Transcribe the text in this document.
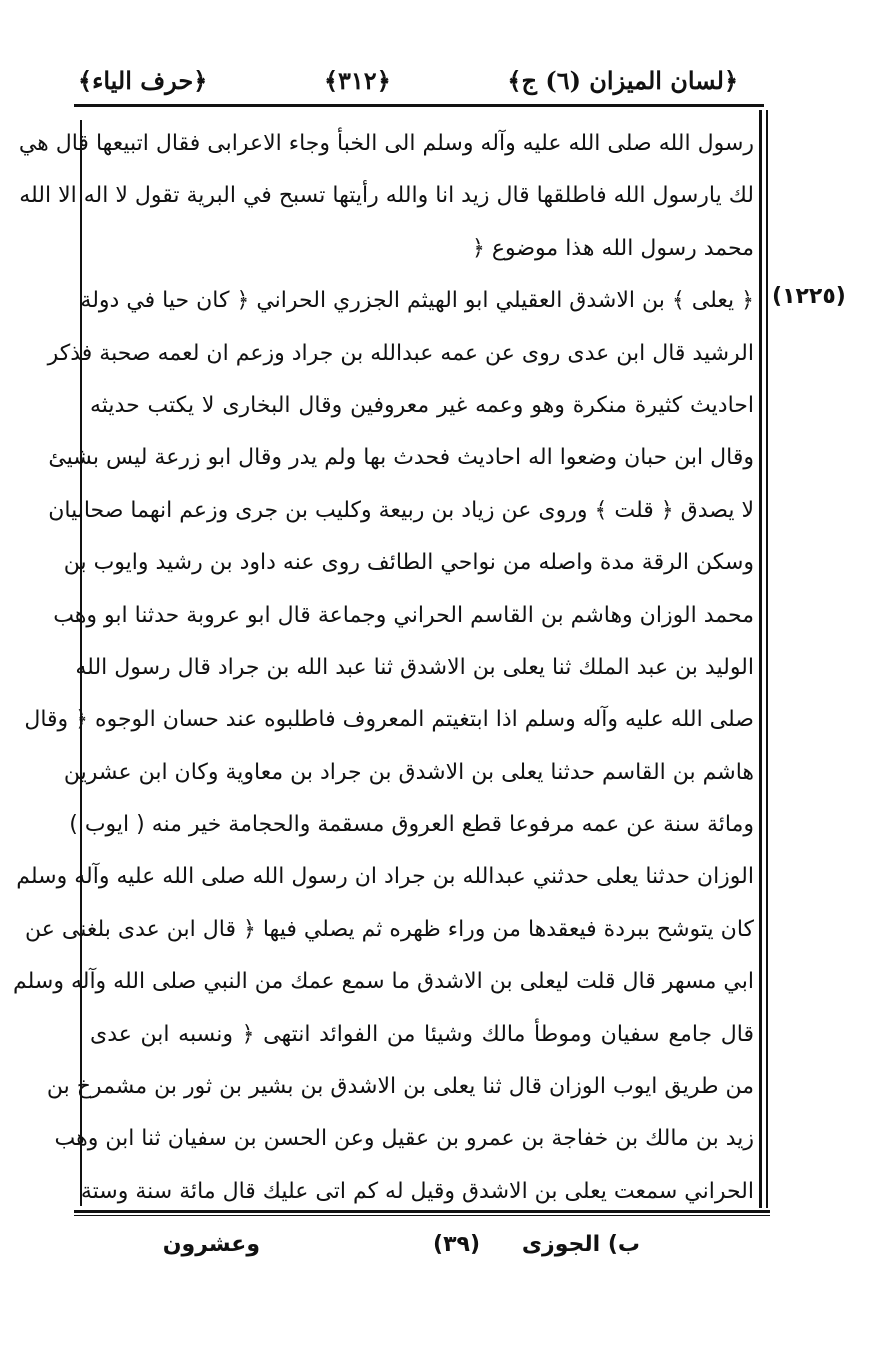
﴿لسان الميزان (٦) ج﴾
﴿٣١٢﴾
﴿حرف الياء﴾
(١٢٢٥)
رسول الله صلى الله عليه وآله وسلم الى الخبأ وجاء الاعرابى فقال اتبيعها قال هي
لك يارسول الله فاطلقها قال زيد انا والله رأيتها تسبح في البرية تقول لا اله الا الله
محمد رسول الله هذا موضوع ﴿
﴿ يعلى ﴾ بن الاشدق العقيلي ابو الهيثم الجزري الحراني ﴿ كان حيا في دولة
الرشيد قال ابن عدى روى عن عمه عبدالله بن جراد وزعم ان لعمه صحبة فذكر
احاديث كثيرة منكرة وهو وعمه غير معروفين وقال البخارى لا يكتب حديثه
وقال ابن حبان وضعوا اله احاديث فحدث بها ولم يدر وقال ابو زرعة ليس بشيئ
لا يصدق ﴿ قلت ﴾ وروى عن زياد بن ربيعة وكليب بن جرى وزعم انهما صحابيان
وسكن الرقة مدة واصله من نواحي الطائف روى عنه داود بن رشيد وايوب بن
محمد الوزان وهاشم بن القاسم الحراني وجماعة قال ابو عروبة حدثنا ابو وهب
الوليد بن عبد الملك ثنا يعلى بن الاشدق ثنا عبد الله بن جراد قال رسول الله
صلى الله عليه وآله وسلم اذا ابتغيتم المعروف فاطلبوه عند حسان الوجوه ﴿ وقال
هاشم بن القاسم حدثنا يعلى بن الاشدق بن جراد بن معاوية وكان ابن عشرين
ومائة سنة عن عمه مرفوعا قطع العروق مسقمة والحجامة خير منه ( ايوب )
الوزان حدثنا يعلى حدثني عبدالله بن جراد ان رسول الله صلى الله عليه وآله وسلم
كان يتوشح ببردة فيعقدها من وراء ظهره ثم يصلي فيها ﴿ قال ابن عدى بلغنى عن
ابي مسهر قال قلت ليعلى بن الاشدق ما سمع عمك من النبي صلى الله وآله وسلم
قال جامع سفيان وموطأ مالك وشيئا من الفوائد انتهى ﴿ ونسبه ابن عدى
من طريق ايوب الوزان قال ثنا يعلى بن الاشدق بن بشير بن ثور بن مشمرخ بن
زيد بن مالك بن خفاجة بن عمرو بن عقيل وعن الحسن بن سفيان ثنا ابن وهب
الحراني سمعت يعلى بن الاشدق وقيل له كم اتى عليك قال مائة سنة وستة
ب) الجوزى
(٣٩)
وعشرون
